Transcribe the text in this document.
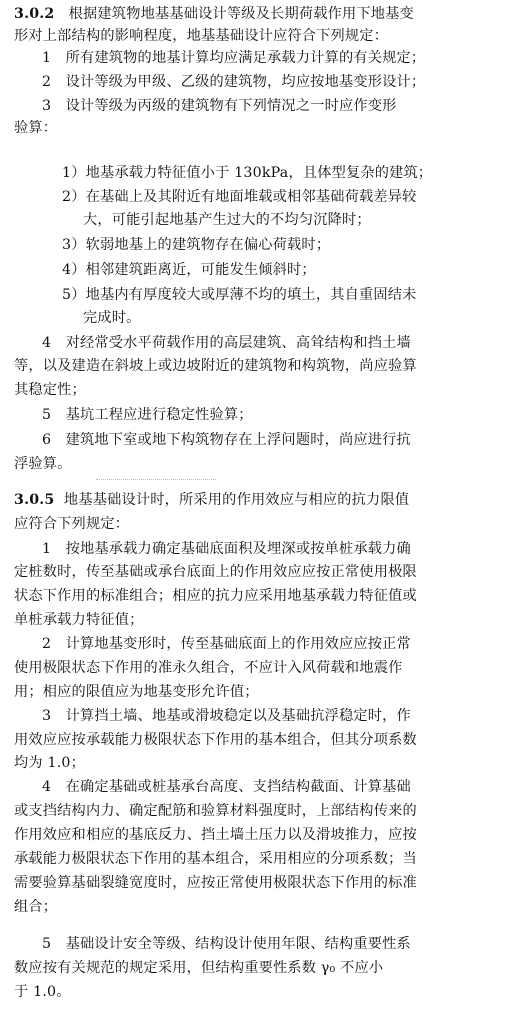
3.0.2 根据建筑物地基基础设计等级及长期荷载作用下地基变
形对上部结构的影响程度，地基基础设计应符合下列规定：
1　所有建筑物的地基计算均应满足承载力计算的有关规定；
2　设计等级为甲级、乙级的建筑物，均应按地基变形设计；
3　设计等级为丙级的建筑物有下列情况之一时应作变形
验算：
1）地基承载力特征值小于 130kPa，且体型复杂的建筑；
2）在基础上及其附近有地面堆载或相邻基础荷载差异较
大，可能引起地基产生过大的不均匀沉降时；
3）软弱地基上的建筑物存在偏心荷载时；
4）相邻建筑距离近，可能发生倾斜时；
5）地基内有厚度较大或厚薄不均的填土，其自重固结未
完成时。
4　对经常受水平荷载作用的高层建筑、高耸结构和挡土墙
等，以及建造在斜坡上或边坡附近的建筑物和构筑物，尚应验算
其稳定性；
5　基坑工程应进行稳定性验算；
6　建筑地下室或地下构筑物存在上浮问题时，尚应进行抗
浮验算。
3.0.5 地基基础设计时，所采用的作用效应与相应的抗力限值
应符合下列规定：
1　按地基承载力确定基础底面积及埋深或按单桩承载力确
定桩数时，传至基础或承台底面上的作用效应应按正常使用极限
状态下作用的标准组合；相应的抗力应采用地基承载力特征值或
单桩承载力特征值；
2　计算地基变形时，传至基础底面上的作用效应应按正常
使用极限状态下作用的准永久组合，不应计入风荷载和地震作
用；相应的限值应为地基变形允许值；
3　计算挡土墙、地基或滑坡稳定以及基础抗浮稳定时，作
用效应应按承载能力极限状态下作用的基本组合，但其分项系数
均为 1.0；
4　在确定基础或桩基承台高度、支挡结构截面、计算基础
或支挡结构内力、确定配筋和验算材料强度时，上部结构传来的
作用效应和相应的基底反力、挡土墙土压力以及滑坡推力，应按
承载能力极限状态下作用的基本组合，采用相应的分项系数；当
需要验算基础裂缝宽度时，应按正常使用极限状态下作用的标准
组合；
5　基础设计安全等级、结构设计使用年限、结构重要性系
数应按有关规范的规定采用，但结构重要性系数 γ₀ 不应小
于 1.0。
